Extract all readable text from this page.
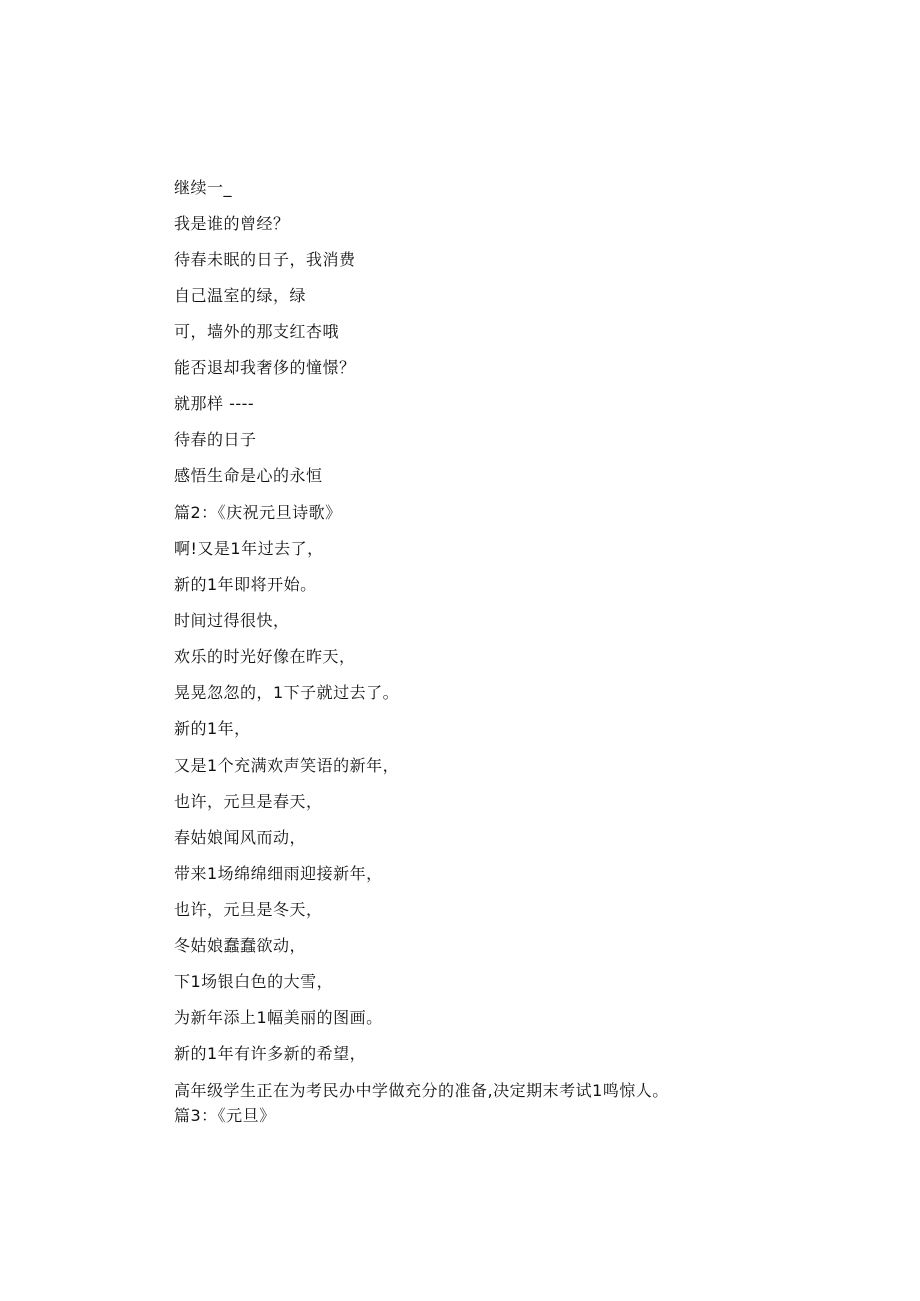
继续一_
我是谁的曾经？
待春未眠的日子，我消费
自己温室的绿，绿
可，墙外的那支红杏哦
能否退却我奢侈的憧憬？
就那样 ----
待春的日子
感悟生命是心的永恒
篇2：《庆祝元旦诗歌》
啊!又是1年过去了，
新的1年即将开始。
时间过得很快，
欢乐的时光好像在昨天，
晃晃忽忽的，1下子就过去了。
新的1年，
又是1个充满欢声笑语的新年，
也许，元旦是春天，
春姑娘闻风而动，
带来1场绵绵细雨迎接新年，
也许，元旦是冬天，
冬姑娘蠢蠢欲动，
下1场银白色的大雪，
为新年添上1幅美丽的图画。
新的1年有许多新的希望，
高年级学生正在为考民办中学做充分的准备,决定期末考试1鸣惊人。
篇3：《元旦》
